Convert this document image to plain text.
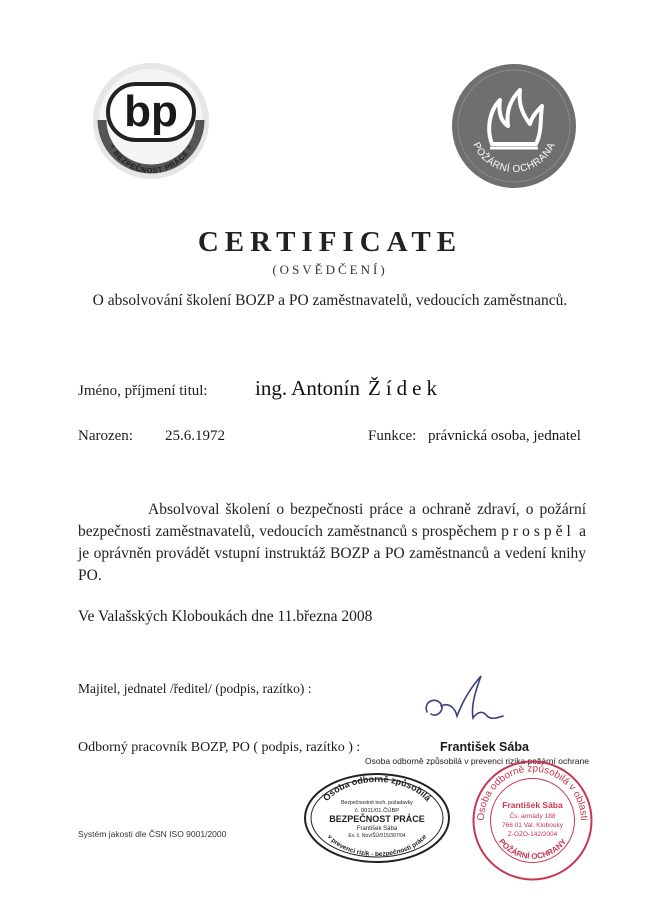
bp
< BEZPEČNOST PRÁCE >	POŽÁRNÍ OCHRANA
CERTIFICATE
(OSVĚDČENÍ)
O absolvování školení BOZP a PO zaměstnavatelů, vedoucích zaměstnanců.
Jméno, příjmení titul: ing. Antonín Žídek
Narozen: 25.6.1972	Funkce: právnická osoba, jednatel
Absolvoval školení o bezpečnosti práce a ochraně zdraví, o požární bezpečnosti zaměstnavatelů, vedoucích zaměstnanců s prospěchem prospěl a je oprávněn provádět vstupní instruktáž BOZP a PO zaměstnanců a vedení knihy PO.
Ve Valašských Kloboukách dne 11.března 2008
Majitel, jednatel /ředitel/ (podpis, razítko) :
Odborný pracovník BOZP, PO ( podpis, razítko ) :	František Sába
Osoba odborně způsobilá v prevenci rizika požární ochrane
Osoba odborně způsobilá
v prevenci rizik - bezpečnosti práce
Bezpečnostně tech. požadavky
č. 0011/01.ČÚBP
BEZPEČNOST PRÁCE
František Sába
Ev. č. Nov/ŠÚ/015/397/04
Osoba odborně způsobilá v oblasti
POŽÁRNÍ OCHRANY
František Sába
Čs. armády 188
766 01 Val. Klobouky
Z-OZO-142/2004
Systém jakosti dle ČSN ISO 9001/2000
